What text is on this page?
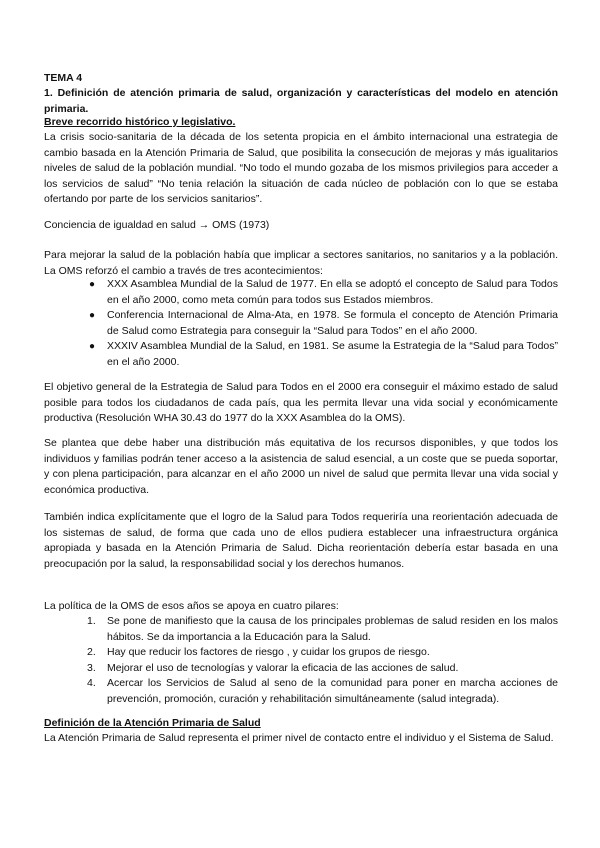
TEMA 4

1. Definición de atención primaria de salud, organización y características del modelo en atención primaria.

Breve recorrido histórico y legislativo.

La crisis socio-sanitaria de la década de los setenta propicia en el ámbito internacional una estrategia de cambio basada en la Atención Primaria de Salud, que posibilita la consecución de mejoras y más igualitarios niveles de salud de la población mundial. “No todo el mundo gozaba de los mismos privilegios para acceder a los servicios de salud” “No tenia relación la situación de cada núcleo de población con lo que se estaba ofertando por parte de los servicios sanitarios”.

Conciencia de igualdad en salud → OMS (1973)

Para mejorar la salud de la población había que implicar a sectores sanitarios, no sanitarios y a la población. La OMS reforzó el cambio a través de tres acontecimientos:

● XXX Asamblea Mundial de la Salud de 1977. En ella se adoptó el concepto de Salud para Todos en el año 2000, como meta común para todos sus Estados miembros.
● Conferencia Internacional de Alma-Ata, en 1978. Se formula el concepto de Atención Primaria de Salud como Estrategia para conseguir la “Salud para Todos” en el año 2000.
● XXXIV Asamblea Mundial de la Salud, en 1981. Se asume la Estrategia de la “Salud para Todos” en el año 2000.

El objetivo general de la Estrategia de Salud para Todos en el 2000 era conseguir el máximo estado de salud posible para todos los ciudadanos de cada país, qua les permita llevar una vida social y económicamente productiva (Resolución WHA 30.43 do 1977 do la XXX Asamblea do la OMS).

Se plantea que debe haber una distribución más equitativa de los recursos disponibles, y que todos los individuos y familias podrán tener acceso a la asistencia de salud esencial, a un coste que se pueda soportar, y con plena participación, para alcanzar en el año 2000 un nivel de salud que permita llevar una vida social y económica productiva.

También indica explícitamente que el logro de la Salud para Todos requeriría una reorientación adecuada de los sistemas de salud, de forma que cada uno de ellos pudiera establecer una infraestructura orgánica apropiada y basada en la Atención Primaria de Salud. Dicha reorientación debería estar basada en una preocupación por la salud, la responsabilidad social y los derechos humanos.

La política de la OMS de esos años se apoya en cuatro pilares:

1. Se pone de manifiesto que la causa de los principales problemas de salud residen en los malos hábitos. Se da importancia a la Educación para la Salud.
2. Hay que reducir los factores de riesgo , y cuidar los grupos de riesgo.
3. Mejorar el uso de tecnologías y valorar la eficacia de las acciones de salud.
4. Acercar los Servicios de Salud al seno de la comunidad para poner en marcha acciones de prevención, promoción, curación y rehabilitación simultáneamente (salud integrada).

Definición de la Atención Primaria de Salud

La Atención Primaria de Salud representa el primer nivel de contacto entre el individuo y el Sistema de Salud.
